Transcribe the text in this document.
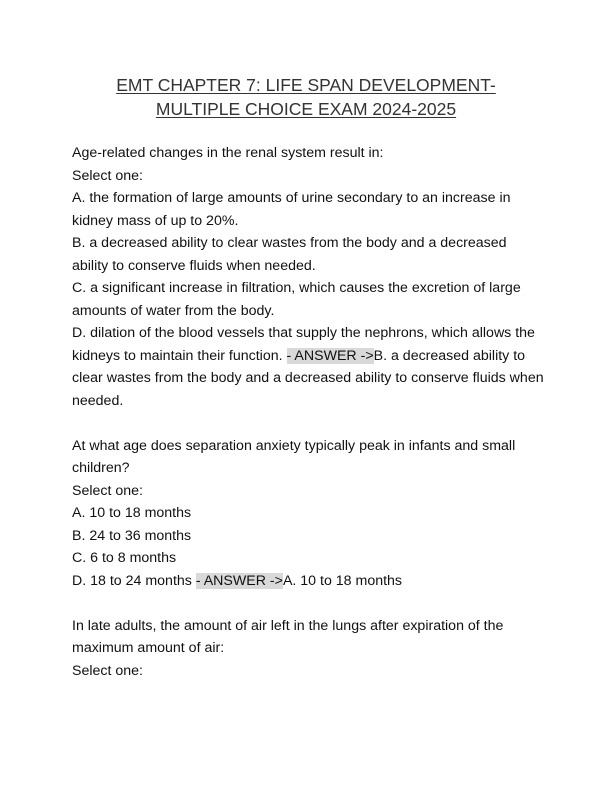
EMT CHAPTER 7: LIFE SPAN DEVELOPMENT- MULTIPLE CHOICE EXAM 2024-2025
Age-related changes in the renal system result in:
Select one:
A. the formation of large amounts of urine secondary to an increase in kidney mass of up to 20%.
B. a decreased ability to clear wastes from the body and a decreased ability to conserve fluids when needed.
C. a significant increase in filtration, which causes the excretion of large amounts of water from the body.
D. dilation of the blood vessels that supply the nephrons, which allows the kidneys to maintain their function. - ANSWER ->B. a decreased ability to clear wastes from the body and a decreased ability to conserve fluids when needed.
At what age does separation anxiety typically peak in infants and small children?
Select one:
A. 10 to 18 months
B. 24 to 36 months
C. 6 to 8 months
D. 18 to 24 months - ANSWER ->A. 10 to 18 months
In late adults, the amount of air left in the lungs after expiration of the maximum amount of air:
Select one:
